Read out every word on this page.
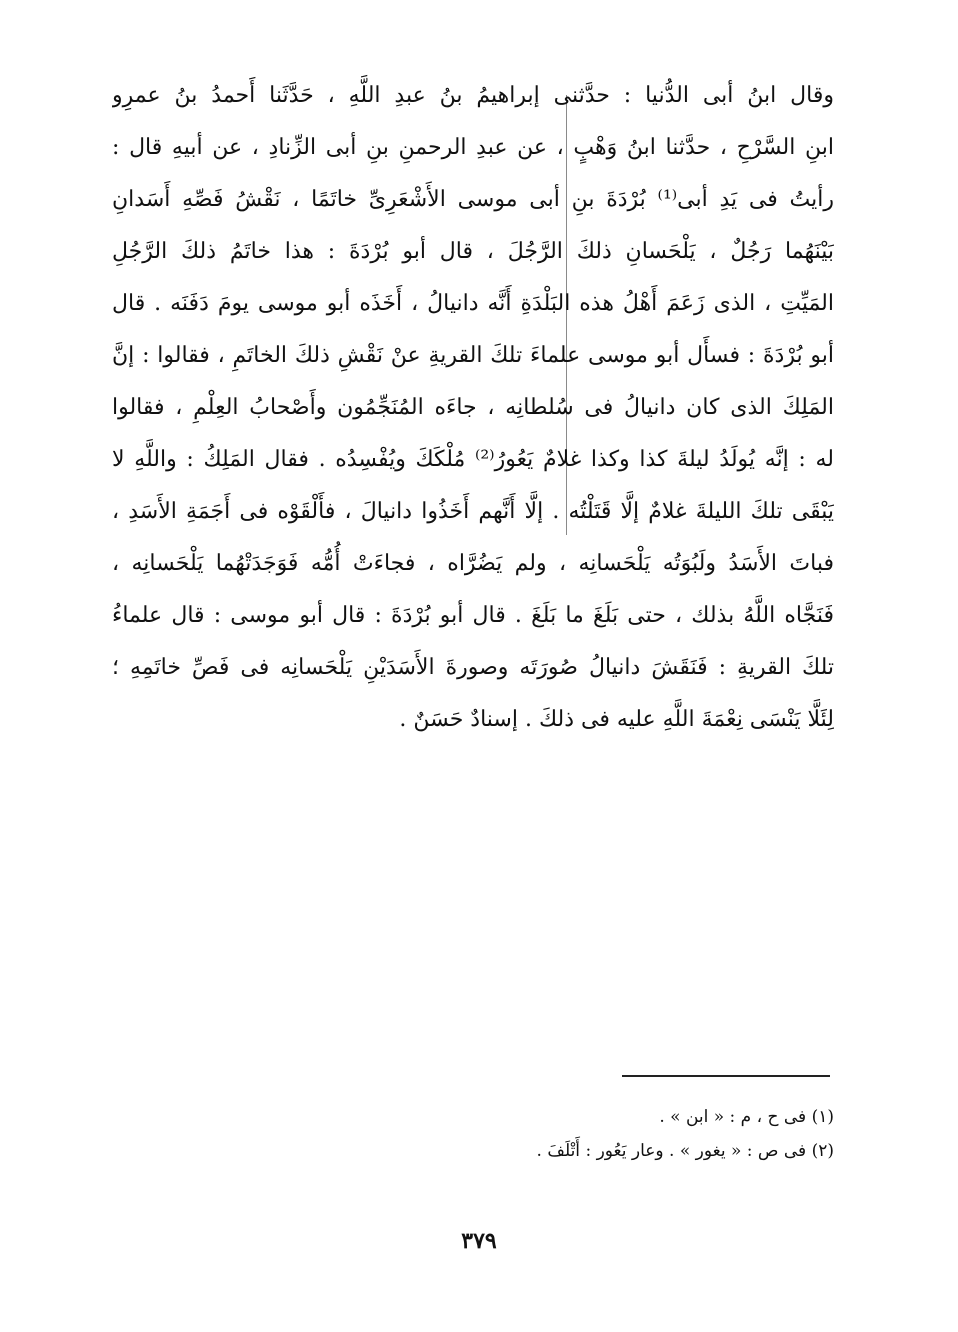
وقال ابنُ أبى الدُّنيا : حدَّثنى إبراهيمُ بنُ عبدِ اللَّهِ ، حَدَّثَنا أَحمدُ بنُ عمرِو
ابنِ السَّرْحِ ، حدَّثنا ابنُ وَهْبٍ ، عن عبدِ الرحمنِ بنِ أبى الزِّنادِ ، عن أبيهِ قال :
رأيتُ فى يَدِ أبى⁽¹⁾ بُرْدَةَ بنِ أبى موسى الأَشْعَرِىِّ خاتَمًا ، نَقْشُ فَصِّهِ أَسَدانِ
بَيْنَهُما رَجُلٌ ، يَلْحَسانِ ذلكَ الرَّجُلَ ، قال أبو بُرْدَةَ : هذا خاتَمُ ذلكَ الرَّجُلِ
المَيِّتِ ، الذى زَعَمَ أَهْلُ هذه البَلْدَةِ أَنَّه دانيالُ ، أَخَذَه أبو موسى يومَ دَفَنَه . قال
أبو بُرْدَةَ : فسأَل أبو موسى علماءَ تلكَ القريةِ عنْ نَقْشِ ذلكَ الخاتَمِ ، فقالوا : إنَّ
المَلِكَ الذى كان دانيالُ فى سُلطانِه ، جاءَه المُنَجِّمُون وأَصْحابُ العِلْمِ ، فقالوا
له : إنَّه يُولَدُ ليلةَ كذا وكذا غلامٌ يَعُورُ⁽²⁾ مُلْكَكَ ويُفْسِدُه . فقال المَلِكُ : واللَّهِ لا
يَبْقَى تلكَ الليلةَ غلامٌ إلَّا قَتَلْتُه . إلَّا أَنَّهم أَخَذُوا دانيالَ ، فأَلْقَوْه فى أَجَمَةِ الأَسَدِ ،
فباتَ الأَسَدُ ولَبُوَتُه يَلْحَسانِه ، ولم يَضُرَّاه ، فجاءَتْ أُمُّه فَوَجَدَتْهُما يَلْحَسانِه ،
فَنَجَّاه اللَّهُ بذلك ، حتى بَلَغَ ما بَلَغَ . قال أبو بُرْدَةَ : قال أبو موسى : قال علماءُ
تلكَ القريةِ : فَنَقَشَ دانيالُ صُورَتَه وصورةَ الأَسَدَيْنِ يَلْحَسانِه فى فَصِّ خاتَمِهِ ؛
لِئَلَّا يَنْسَى نِعْمَةَ اللَّهِ عليه فى ذلكَ . إسنادٌ حَسَنٌ .
(١) فى ح ، م : « ابن » .
(٢) فى ص : « يغور » . وعار يَعُور : أَتْلَفَ .
٣٧٩
